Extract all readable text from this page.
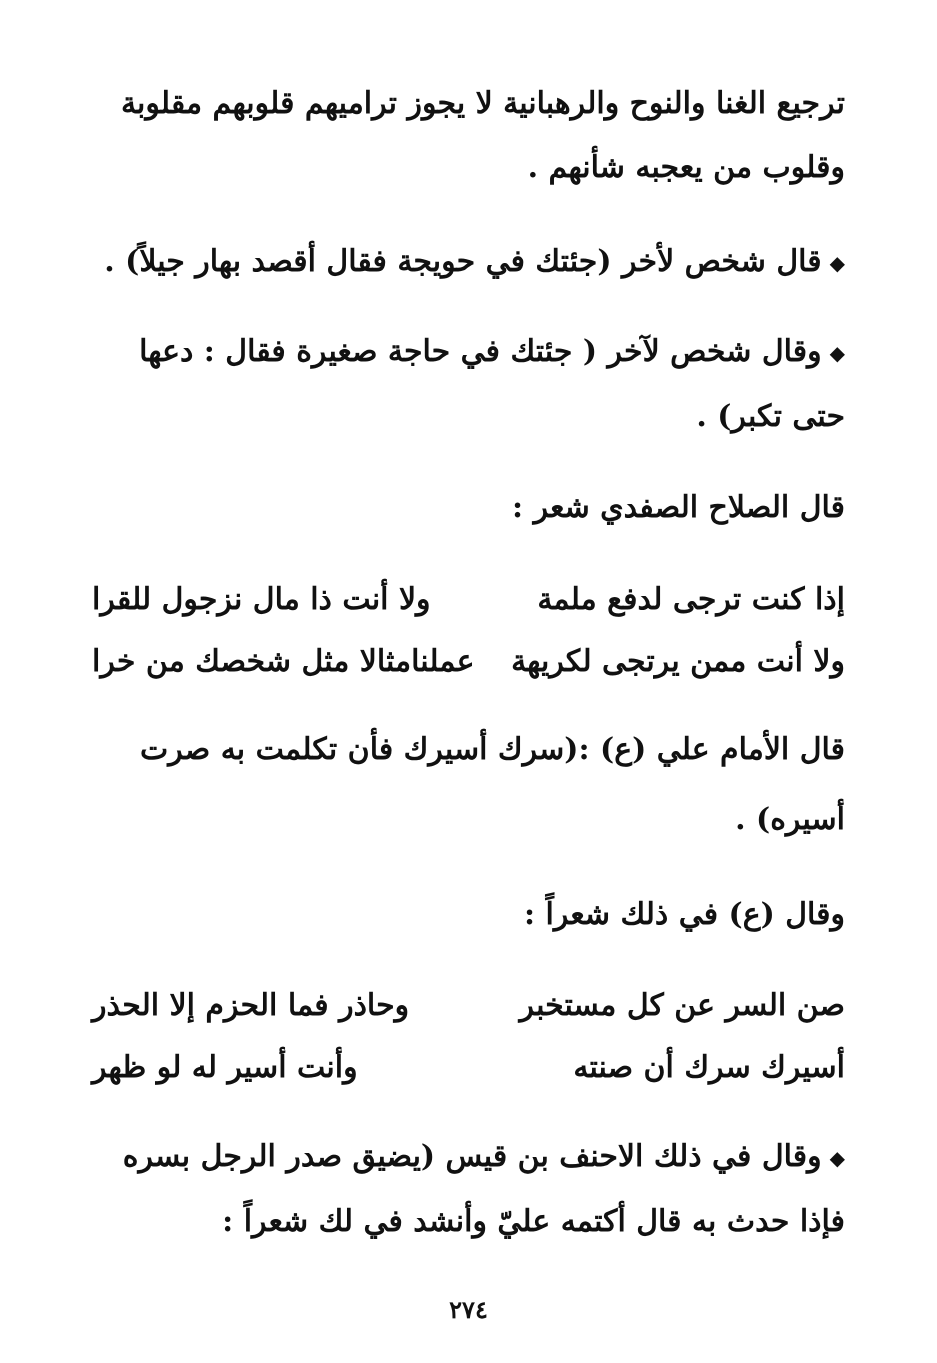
ترجيع الغنا والنوح والرهبانية لا يجوز تراميهم قلوبهم مقلوبة
وقلوب من يعجبه شأنهم .
◆قال شخص لأخر (جئتك في حويجة فقال أقصد بهار جيلاً) .
◆وقال شخص لآخر ( جئتك في حاجة صغيرة فقال : دعها
حتى تكبر) .
قال الصلاح الصفدي شعر :
إذا كنت ترجى لدفع ملمة
ولا أنت ذا مال نزجول للقرا
ولا أنت ممن يرتجى لكريهة
عملنامثالا مثل شخصك من خرا
قال الأمام علي (ع) :(سرك أسيرك فأن تكلمت به صرت
أسيره) .
وقال (ع) في ذلك شعراً :
صن السر عن كل مستخبر
وحاذر فما الحزم إلا الحذر
أسيرك سرك أن صنته
وأنت أسير له لو ظهر
◆وقال في ذلك الاحنف بن قيس (يضيق صدر الرجل بسره
فإذا حدث به قال أكتمه عليّ وأنشد في لك شعراً :
٢٧٤
